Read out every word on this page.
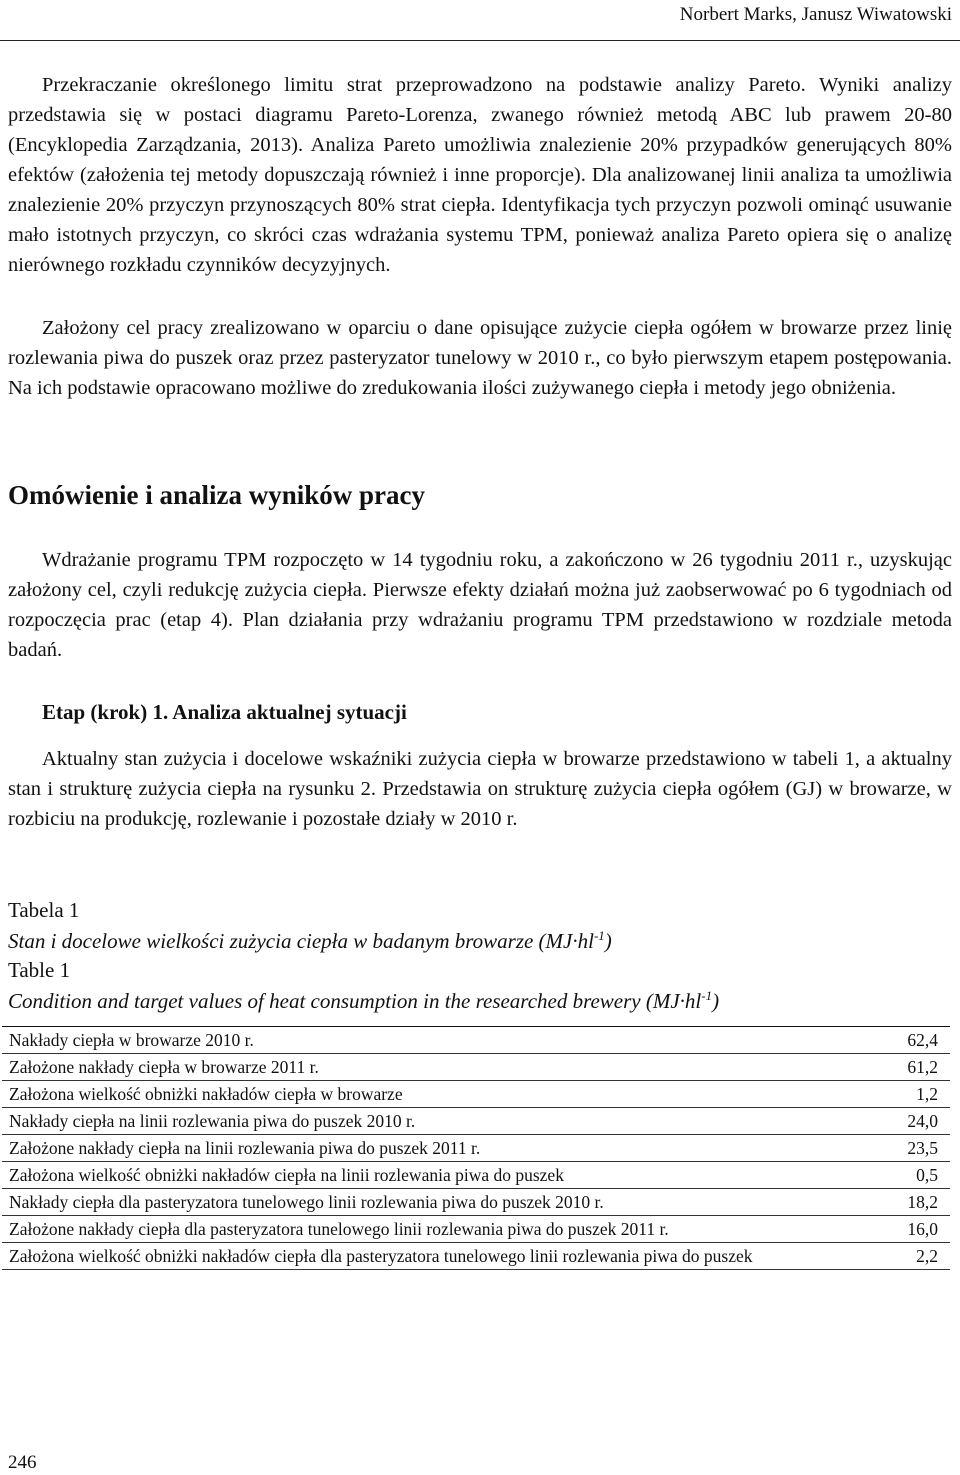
Norbert Marks, Janusz Wiwatowski

Przekraczanie określonego limitu strat przeprowadzono na podstawie analizy Pareto. Wyniki analizy przedstawia się w postaci diagramu Pareto-Lorenza, zwanego również metodą ABC lub prawem 20-80 (Encyklopedia Zarządzania, 2013). Analiza Pareto umożliwia znalezienie 20% przypadków generujących 80% efektów (założenia tej metody dopuszczają również i inne proporcje). Dla analizowanej linii analiza ta umożliwia znalezienie 20% przyczyn przynoszących 80% strat ciepła. Identyfikacja tych przyczyn pozwoli ominąć usuwanie mało istotnych przyczyn, co skróci czas wdrażania systemu TPM, ponieważ analiza Pareto opiera się o analizę nierównego rozkładu czynników decyzyjnych.

Założony cel pracy zrealizowano w oparciu o dane opisujące zużycie ciepła ogółem w browarze przez linię rozlewania piwa do puszek oraz przez pasteryzator tunelowy w 2010 r., co było pierwszym etapem postępowania. Na ich podstawie opracowano możliwe do zredukowania ilości zużywanego ciepła i metody jego obniżenia.

Omówienie i analiza wyników pracy

Wdrażanie programu TPM rozpoczęto w 14 tygodniu roku, a zakończono w 26 tygodniu 2011 r., uzyskując założony cel, czyli redukcję zużycia ciepła. Pierwsze efekty działań można już zaobserwować po 6 tygodniach od rozpoczęcia prac (etap 4). Plan działania przy wdrażaniu programu TPM przedstawiono w rozdziale metoda badań.

Etap (krok) 1. Analiza aktualnej sytuacji

Aktualny stan zużycia i docelowe wskaźniki zużycia ciepła w browarze przedstawiono w tabeli 1, a aktualny stan i strukturę zużycia ciepła na rysunku 2. Przedstawia on strukturę zużycia ciepła ogółem (GJ) w browarze, w rozbiciu na produkcję, rozlewanie i pozostałe działy w 2010 r.

Tabela 1
Stan i docelowe wielkości zużycia ciepła w badanym browarze $(MJ\cdot hl^{-1})$
Table 1
Condition and target values of heat consumption in the researched brewery $(MJ\cdot hl^{-1})$
Nakłady ciepła w browarze 2010 r.	62,4
Założone nakłady ciepła w browarze 2011 r.	61,2
Założona wielkość obniżki nakładów ciepła w browarze	1,2
Nakłady ciepła na linii rozlewania piwa do puszek 2010 r.	24,0
Założone nakłady ciepła na linii rozlewania piwa do puszek 2011 r.	23,5
Założona wielkość obniżki nakładów ciepła na linii rozlewania piwa do puszek	0,5
Nakłady ciepła dla pasteryzatora tunelowego linii rozlewania piwa do puszek 2010 r.	18,2
Założone nakłady ciepła dla pasteryzatora tunelowego linii rozlewania piwa do puszek 2011 r.	16,0
Założona wielkość obniżki nakładów ciepła dla pasteryzatora tunelowego linii rozlewania piwa do puszek	2,2
246
